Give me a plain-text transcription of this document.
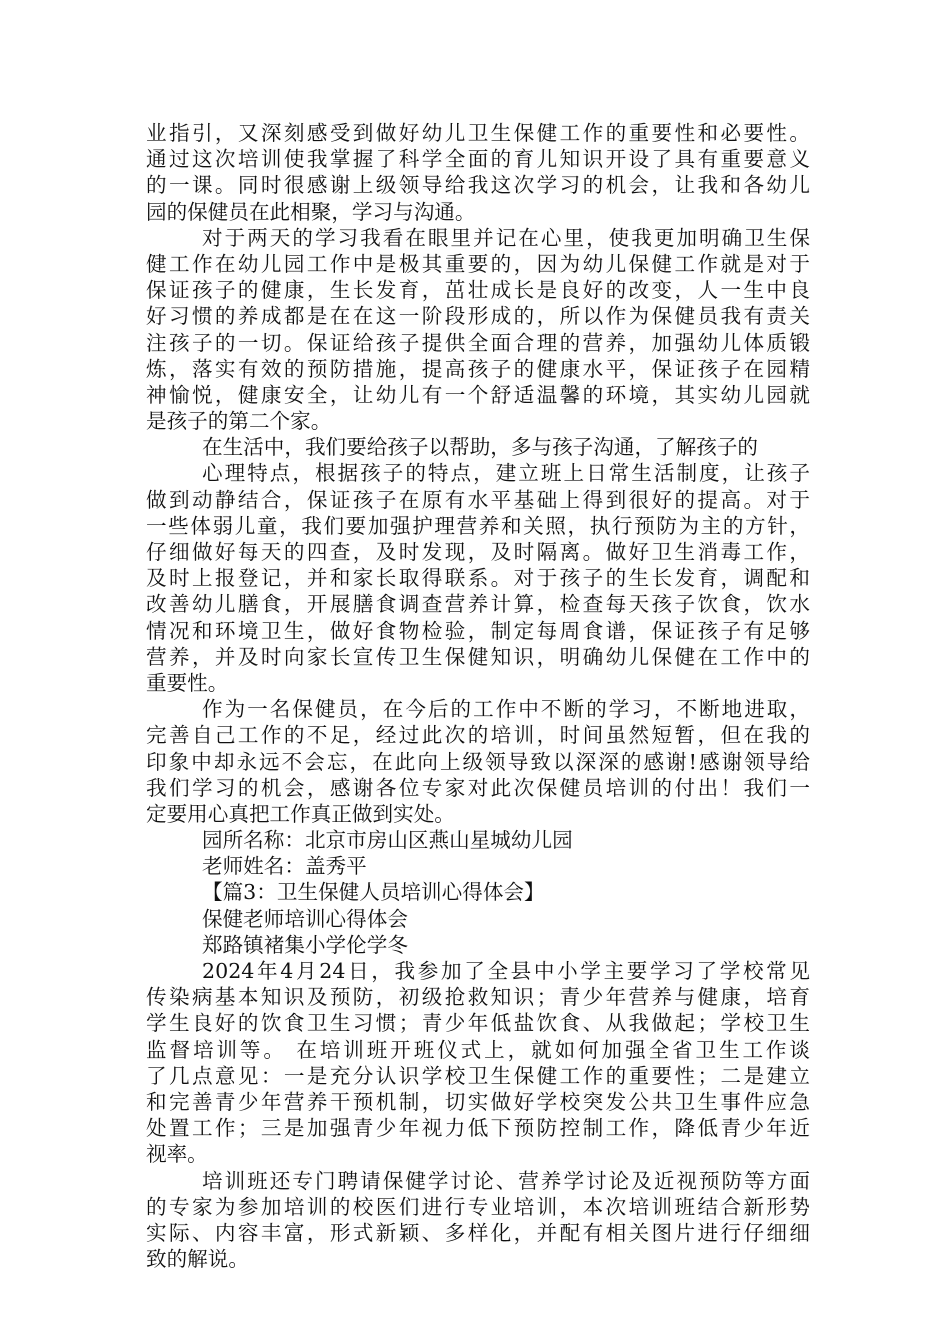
业指引，又深刻感受到做好幼儿卫生保健工作的重要性和必要性。
通过这次培训使我掌握了科学全面的育儿知识开设了具有重要意义
的一课。同时很感谢上级领导给我这次学习的机会，让我和各幼儿
园的保健员在此相聚，学习与沟通。
对于两天的学习我看在眼里并记在心里，使我更加明确卫生保
健工作在幼儿园工作中是极其重要的，因为幼儿保健工作就是对于
保证孩子的健康，生长发育，茁壮成长是良好的改变，人一生中良
好习惯的养成都是在在这一阶段形成的，所以作为保健员我有责关
注孩子的一切。保证给孩子提供全面合理的营养，加强幼儿体质锻
炼，落实有效的预防措施，提高孩子的健康水平，保证孩子在园精
神愉悦，健康安全，让幼儿有一个舒适温馨的环境，其实幼儿园就
是孩子的第二个家。
在生活中，我们要给孩子以帮助，多与孩子沟通，了解孩子的
心理特点，根据孩子的特点，建立班上日常生活制度，让孩子
做到动静结合，保证孩子在原有水平基础上得到很好的提高。对于
一些体弱儿童，我们要加强护理营养和关照，执行预防为主的方针，
仔细做好每天的四查，及时发现，及时隔离。做好卫生消毒工作，
及时上报登记，并和家长取得联系。对于孩子的生长发育，调配和
改善幼儿膳食，开展膳食调查营养计算，检查每天孩子饮食，饮水
情况和环境卫生，做好食物检验，制定每周食谱，保证孩子有足够
营养，并及时向家长宣传卫生保健知识，明确幼儿保健在工作中的
重要性。
作为一名保健员，在今后的工作中不断的学习，不断地进取，
完善自己工作的不足，经过此次的培训，时间虽然短暂，但在我的
印象中却永远不会忘，在此向上级领导致以深深的感谢!感谢领导给
我们学习的机会，感谢各位专家对此次保健员培训的付出！我们一
定要用心真把工作真正做到实处。
园所名称：北京市房山区燕山星城幼儿园
老师姓名：盖秀平
【篇3：卫生保健人员培训心得体会】
保健老师培训心得体会
郑路镇褚集小学伦学冬
2024年4月24日，我参加了全县中小学主要学习了学校常见
传染病基本知识及预防，初级抢救知识；青少年营养与健康，培育
学生良好的饮食卫生习惯；青少年低盐饮食、从我做起；学校卫生
监督培训等。 在培训班开班仪式上，就如何加强全省卫生工作谈
了几点意见：一是充分认识学校卫生保健工作的重要性；二是建立
和完善青少年营养干预机制，切实做好学校突发公共卫生事件应急
处置工作；三是加强青少年视力低下预防控制工作，降低青少年近
视率。
培训班还专门聘请保健学讨论、营养学讨论及近视预防等方面
的专家为参加培训的校医们进行专业培训，本次培训班结合新形势
实际、内容丰富，形式新颖、多样化，并配有相关图片进行仔细细
致的解说。
